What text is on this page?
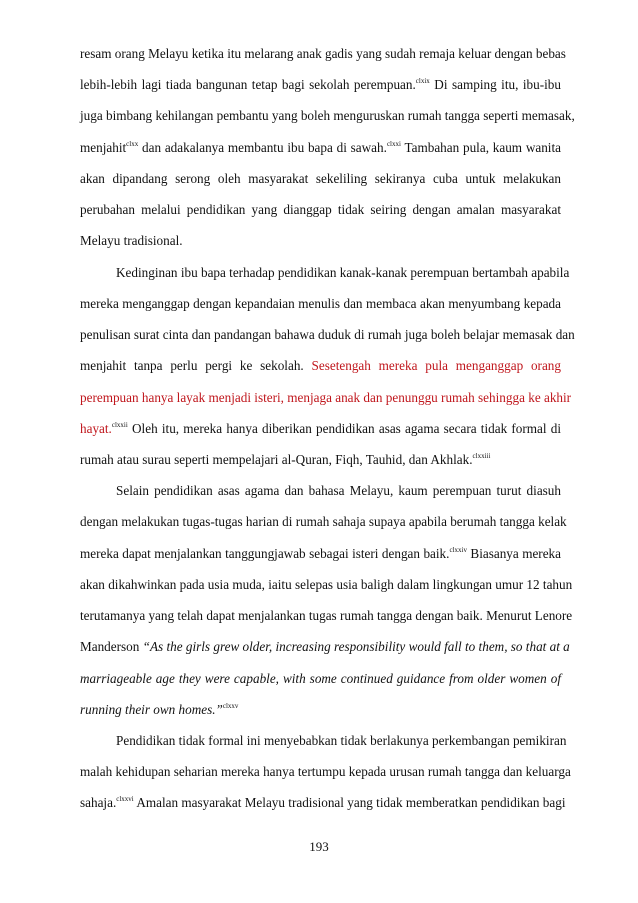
resam orang Melayu ketika itu melarang anak gadis yang sudah remaja keluar dengan bebas
lebih-lebih lagi tiada bangunan tetap bagi sekolah perempuan.$^{clxix}$ Di samping itu, ibu-ibu
juga bimbang kehilangan pembantu yang boleh menguruskan rumah tangga seperti memasak,
menjahit$^{clxx}$ dan adakalanya membantu ibu bapa di sawah.$^{clxxi}$ Tambahan pula, kaum wanita
akan dipandang serong oleh masyarakat sekeliling sekiranya cuba untuk melakukan
perubahan melalui pendidikan yang dianggap tidak seiring dengan amalan masyarakat
Melayu tradisional.
Kedinginan ibu bapa terhadap pendidikan kanak-kanak perempuan bertambah apabila
mereka menganggap dengan kepandaian menulis dan membaca akan menyumbang kepada
penulisan surat cinta dan pandangan bahawa duduk di rumah juga boleh belajar memasak dan
menjahit tanpa perlu pergi ke sekolah. Sesetengah mereka pula menganggap orang
perempuan hanya layak menjadi isteri, menjaga anak dan penunggu rumah sehingga ke akhir
hayat.$^{clxxii}$ Oleh itu, mereka hanya diberikan pendidikan asas agama secara tidak formal di
rumah atau surau seperti mempelajari al-Quran, Fiqh, Tauhid, dan Akhlak.$^{clxxiii}$
Selain pendidikan asas agama dan bahasa Melayu, kaum perempuan turut diasuh
dengan melakukan tugas-tugas harian di rumah sahaja supaya apabila berumah tangga kelak
mereka dapat menjalankan tanggungjawab sebagai isteri dengan baik.$^{clxxiv}$ Biasanya mereka
akan dikahwinkan pada usia muda, iaitu selepas usia baligh dalam lingkungan umur 12 tahun
terutamanya yang telah dapat menjalankan tugas rumah tangga dengan baik. Menurut Lenore
Manderson “As the girls grew older, increasing responsibility would fall to them, so that at a
marriageable age they were capable, with some continued guidance from older women of
running their own homes.”$^{clxxv}$
Pendidikan tidak formal ini menyebabkan tidak berlakunya perkembangan pemikiran
malah kehidupan seharian mereka hanya tertumpu kepada urusan rumah tangga dan keluarga
sahaja.$^{clxxvi}$ Amalan masyarakat Melayu tradisional yang tidak memberatkan pendidikan bagi
193
